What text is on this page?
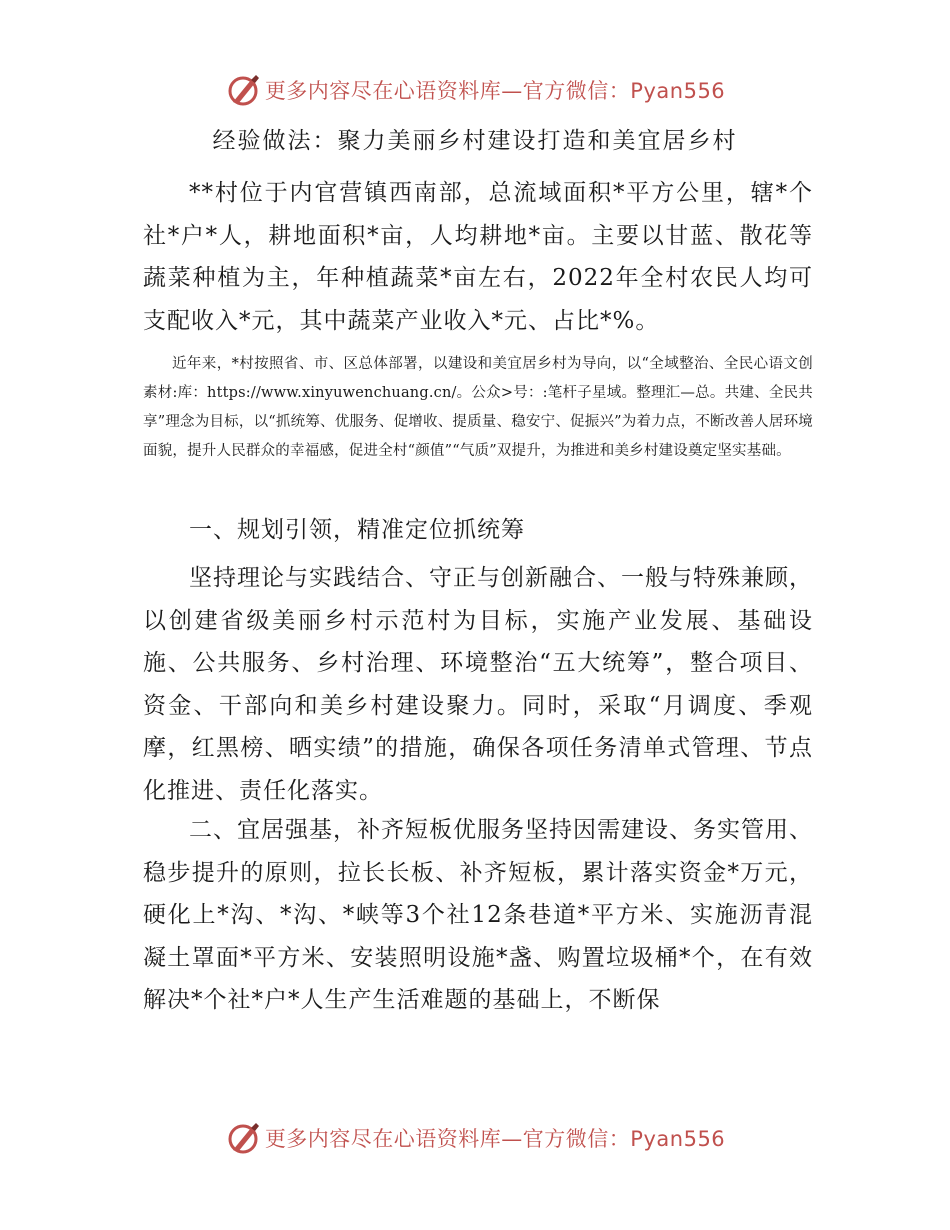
更多内容尽在心语资料库—官方微信：Pyan556
经验做法：聚力美丽乡村建设打造和美宜居乡村

**村位于内官营镇西南部，总流域面积*平方公里，辖*个社*户*人，耕地面积*亩，人均耕地*亩。主要以甘蓝、散花等蔬菜种植为主，年种植蔬菜*亩左右，2022年全村农民人均可支配收入*元，其中蔬菜产业收入*元、占比*%。

近年来，*村按照省、市、区总体部署，以建设和美宜居乡村为导向，以“全域整治、全民心语文创素材:库：https://www.xinyuwenchuang.cn/。公众>号：:笔杆子星域。整理汇—总。共建、全民共享”理念为目标，以“抓统筹、优服务、促增收、提质量、稳安宁、促振兴”为着力点，不断改善人居环境面貌，提升人民群众的幸福感，促进全村“颜值”“气质”双提升，为推进和美乡村建设奠定坚实基础。

一、规划引领，精准定位抓统筹

坚持理论与实践结合、守正与创新融合、一般与特殊兼顾，以创建省级美丽乡村示范村为目标，实施产业发展、基础设施、公共服务、乡村治理、环境整治“五大统筹”，整合项目、资金、干部向和美乡村建设聚力。同时，采取“月调度、季观摩，红黑榜、晒实绩”的措施，确保各项任务清单式管理、节点化推进、责任化落实。

二、宜居强基，补齐短板优服务坚持因需建设、务实管用、稳步提升的原则，拉长长板、补齐短板，累计落实资金*万元，硬化上*沟、*沟、*峡等3个社12条巷道*平方米、实施沥青混凝土罩面*平方米、安装照明设施*盏、购置垃圾桶*个，在有效解决*个社*户*人生产生活难题的基础上，不断保

更多内容尽在心语资料库—官方微信：Pyan556
